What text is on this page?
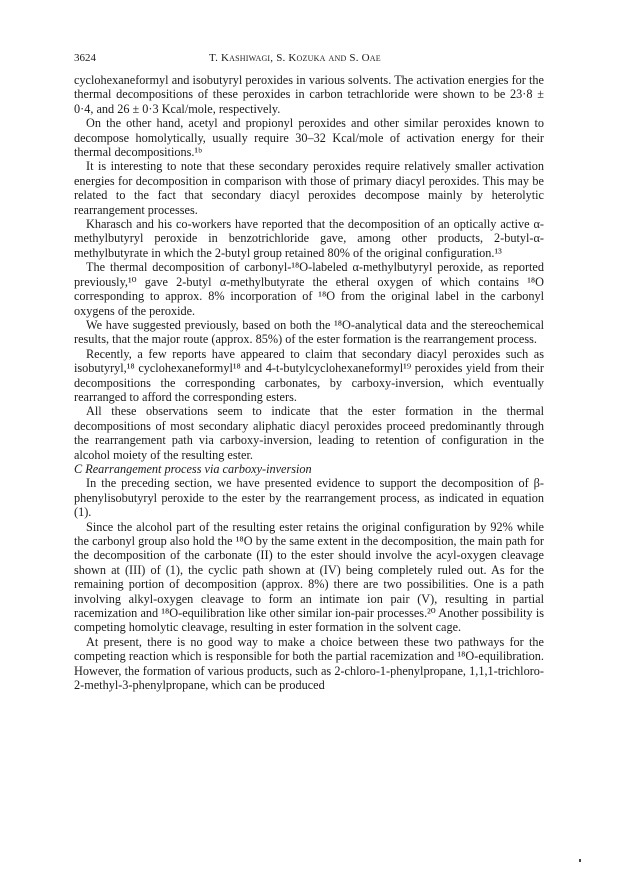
3624	T. Kashiwagi, S. Kozuka and S. Oae

cyclohexaneformyl and isobutyryl peroxides in various solvents. The activation energies for the thermal decompositions of these peroxides in carbon tetrachloride were shown to be 23·8 ± 0·4, and 26 ± 0·3 Kcal/mole, respectively.

On the other hand, acetyl and propionyl peroxides and other similar peroxides known to decompose homolytically, usually require 30–32 Kcal/mole of activation energy for their thermal decompositions.¹ᵇ

It is interesting to note that these secondary peroxides require relatively smaller activation energies for decomposition in comparison with those of primary diacyl peroxides. This may be related to the fact that secondary diacyl peroxides decompose mainly by heterolytic rearrangement processes.

Kharasch and his co-workers have reported that the decomposition of an optically active α-methylbutyryl peroxide in benzotrichloride gave, among other products, 2-butyl-α-methylbutyrate in which the 2-butyl group retained 80% of the original configuration.¹³

The thermal decomposition of carbonyl-¹⁸O-labeled α-methylbutyryl peroxide, as reported previously,¹⁰ gave 2-butyl α-methylbutyrate the etheral oxygen of which contains ¹⁸O corresponding to approx. 8% incorporation of ¹⁸O from the original label in the carbonyl oxygens of the peroxide.

We have suggested previously, based on both the ¹⁸O-analytical data and the stereochemical results, that the major route (approx. 85%) of the ester formation is the rearrangement process.

Recently, a few reports have appeared to claim that secondary diacyl peroxides such as isobutyryl,¹⁸ cyclohexaneformyl¹⁸ and 4-t-butylcyclohexaneformyl¹⁹ peroxides yield from their decompositions the corresponding carbonates, by carboxy-inversion, which eventually rearranged to afford the corresponding esters.

All these observations seem to indicate that the ester formation in the thermal decompositions of most secondary aliphatic diacyl peroxides proceed predominantly through the rearrangement path via carboxy-inversion, leading to retention of configuration in the alcohol moiety of the resulting ester.

C Rearrangement process via carboxy-inversion

In the preceding section, we have presented evidence to support the decomposition of β-phenylisobutyryl peroxide to the ester by the rearrangement process, as indicated in equation (1).

Since the alcohol part of the resulting ester retains the original configuration by 92% while the carbonyl group also hold the ¹⁸O by the same extent in the decomposition, the main path for the decomposition of the carbonate (II) to the ester should involve the acyl-oxygen cleavage shown at (III) of (1), the cyclic path shown at (IV) being completely ruled out. As for the remaining portion of decomposition (approx. 8%) there are two possibilities. One is a path involving alkyl-oxygen cleavage to form an intimate ion pair (V), resulting in partial racemization and ¹⁸O-equilibration like other similar ion-pair processes.²⁰ Another possibility is competing homolytic cleavage, resulting in ester formation in the solvent cage.

At present, there is no good way to make a choice between these two pathways for the competing reaction which is responsible for both the partial racemization and ¹⁸O-equilibration. However, the formation of various products, such as 2-chloro-1-phenylpropane, 1,1,1-trichloro-2-methyl-3-phenylpropane, which can be produced
